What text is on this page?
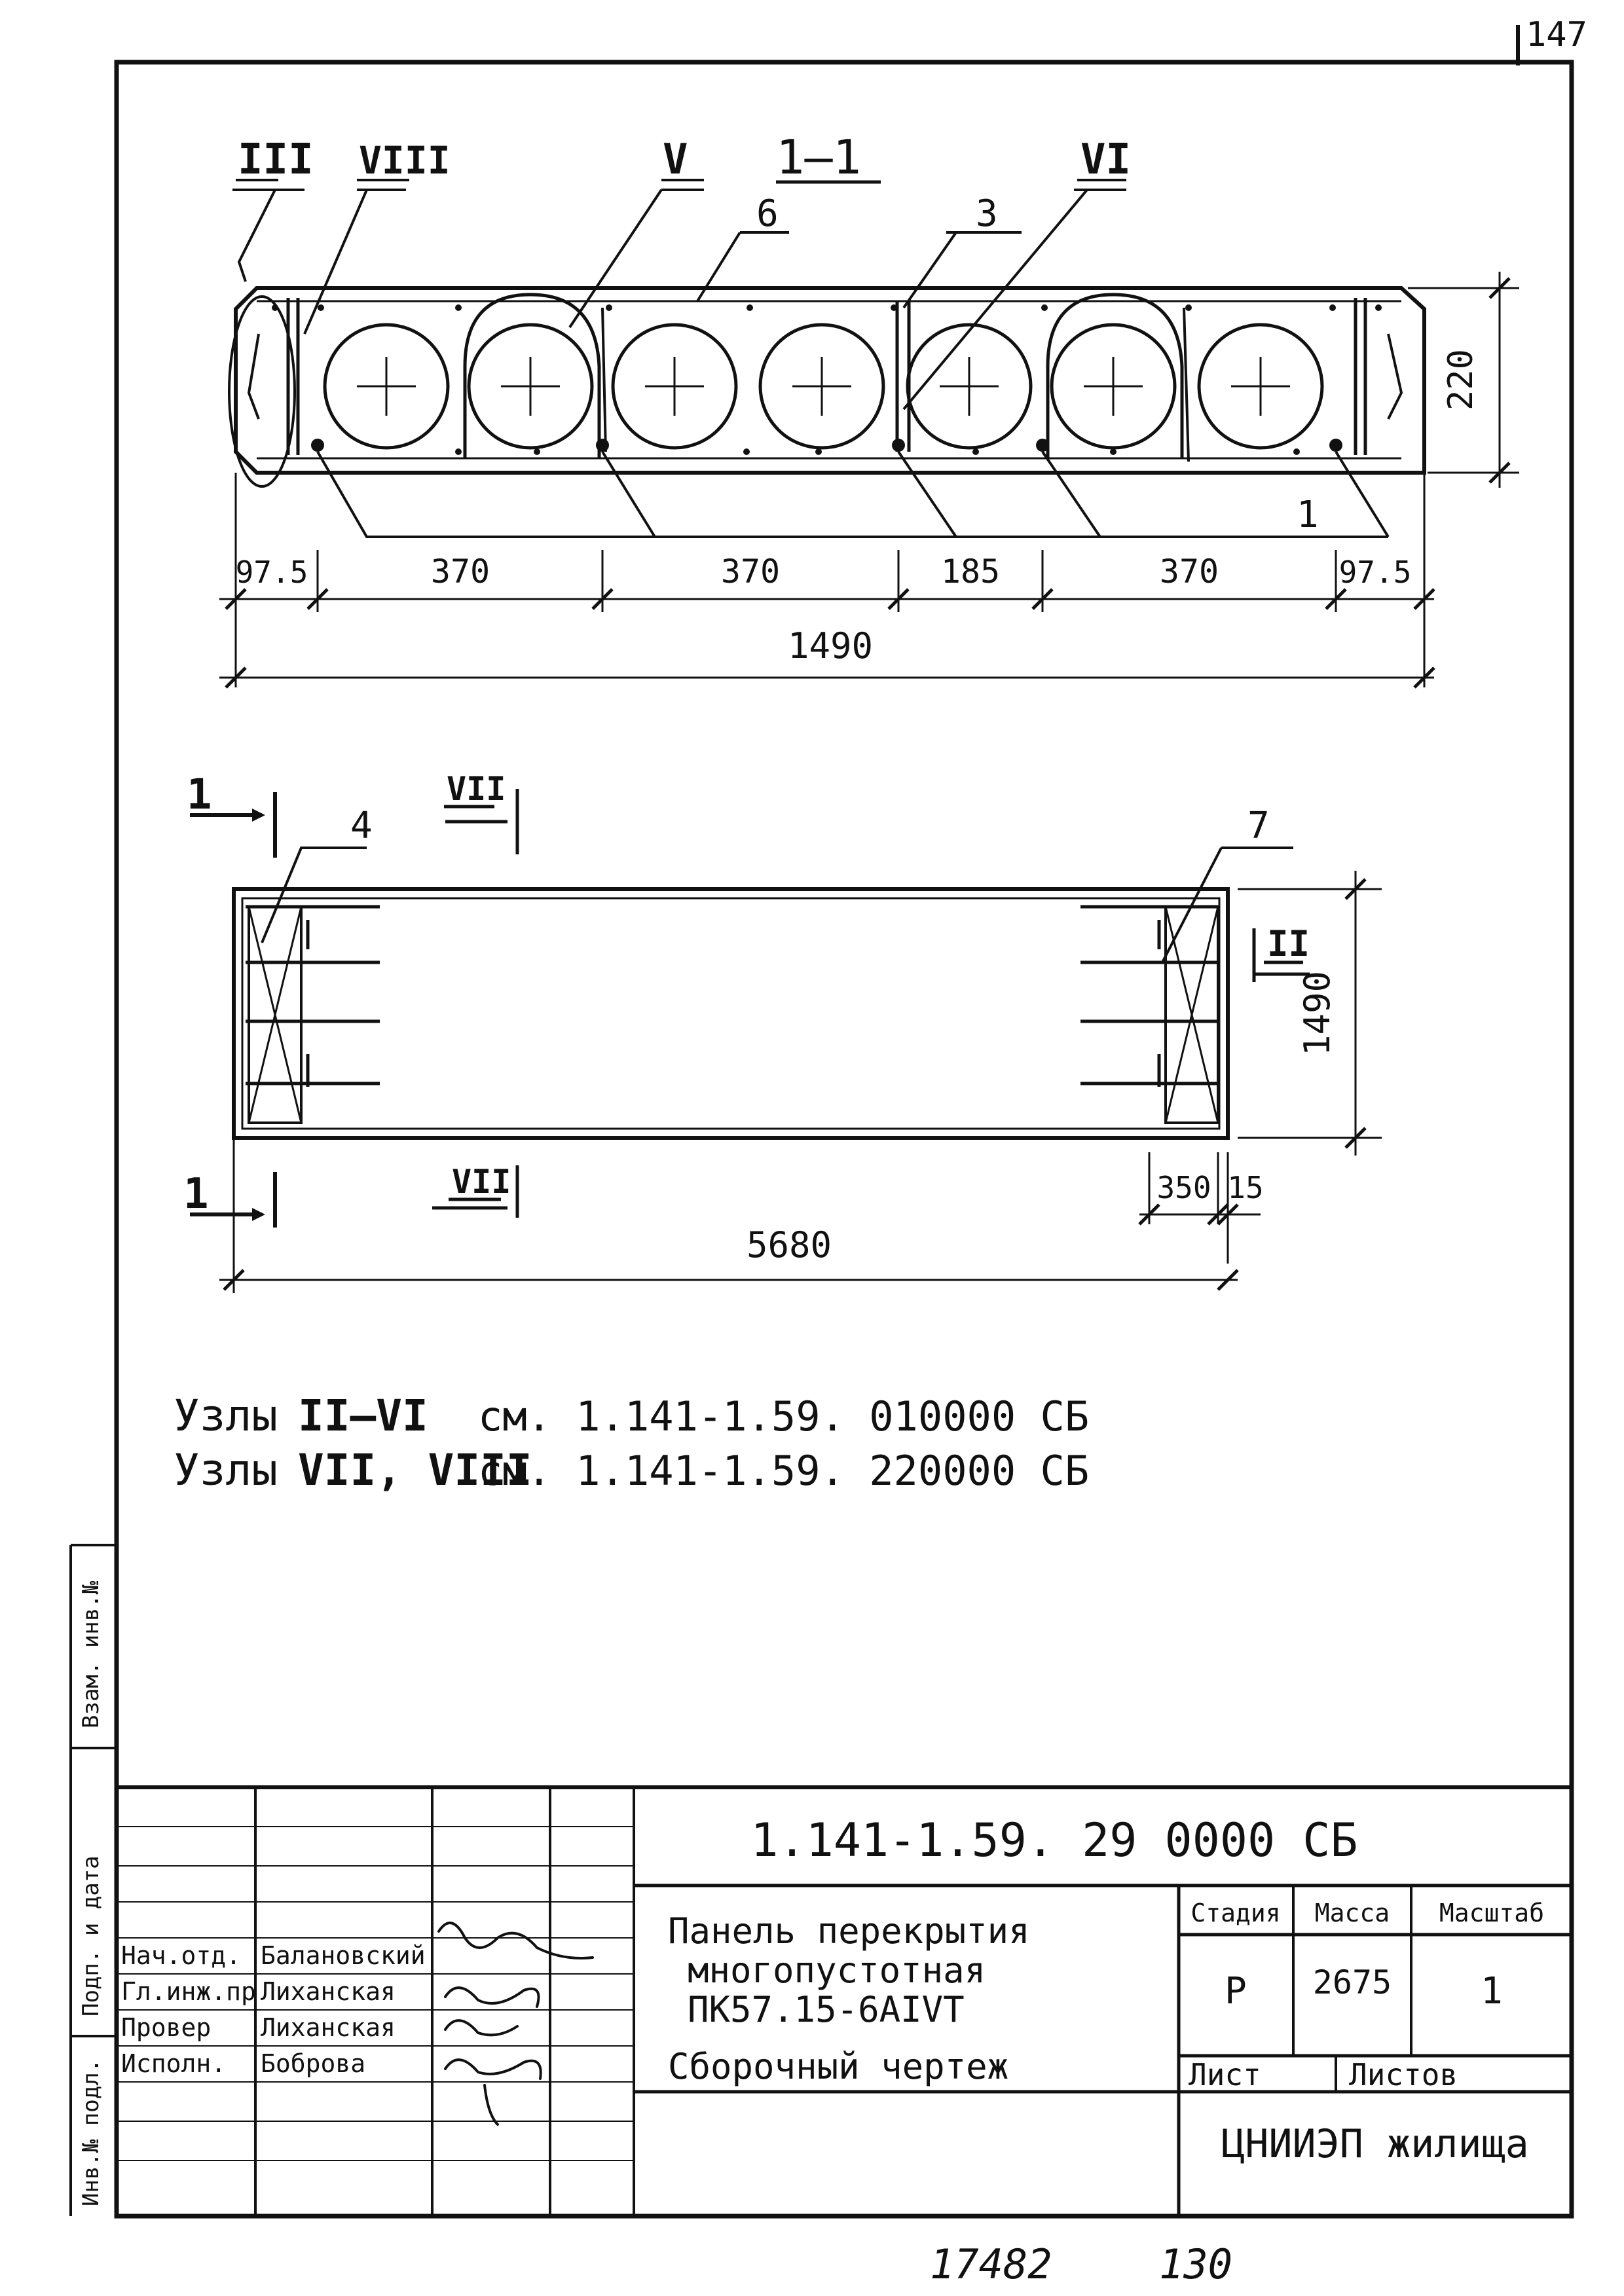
147
III VIII	V	VI
1—1
6	3
1
220
97.5	370	370	185	370	97.5
1490
4	7
1
1
VII
VII
II
1490
350 15
5680
Узлы II–VI см. 1.141-1.59. 010000 СБ
Узлы VII, VIII
см. 1.141-1.59. 220000 СБ
Инв.№ подл.
Подп. и дата
Взам. инв.№
1.141-1.59. 29 0000 СБ
Панель перекрытия
многопустотная
ПК57.15-6АIVТ
Сборочный чертеж
Стадия Масса Масштаб
Р 2675 1
Лист	Листов
ЦНИИЭП жилища
Нач.отд. Балановский
Гл.инж.пр Лиханская
Провер Лиханская
Исполн. Боброва
17482	130
